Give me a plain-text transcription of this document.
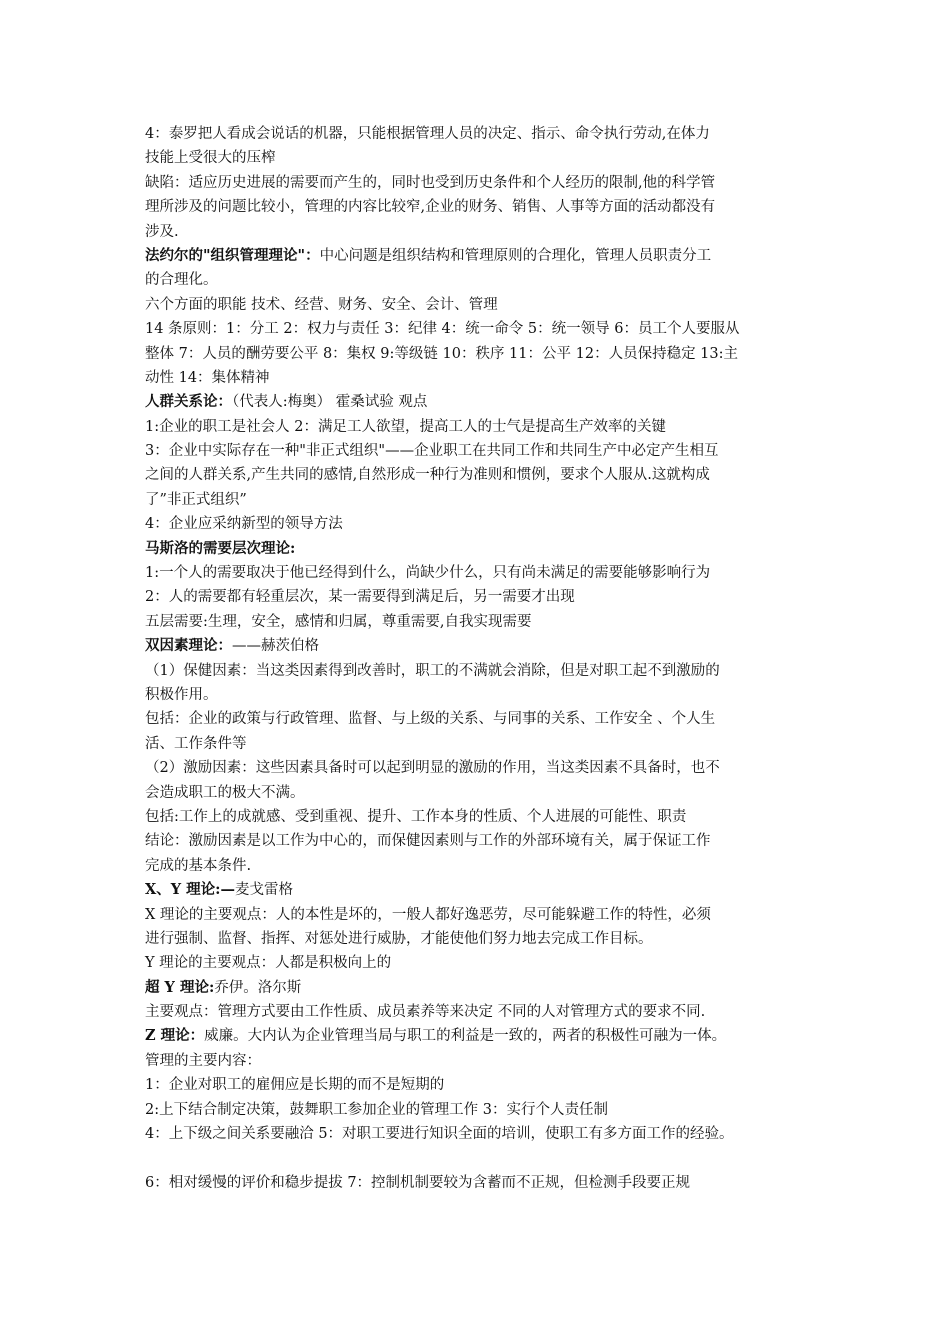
4：泰罗把人看成会说话的机器，只能根据管理人员的决定、指示、命令执行劳动,在体力
技能上受很大的压榨
缺陷：适应历史进展的需要而产生的，同时也受到历史条件和个人经历的限制,他的科学管
理所涉及的问题比较小，管理的内容比较窄,企业的财务、销售、人事等方面的活动都没有
涉及.
法约尔的"组织管理理论"：中心问题是组织结构和管理原则的合理化，管理人员职责分工
的合理化。
六个方面的职能 技术、经营、财务、安全、会计、管理
14 条原则：1：分工 2：权力与责任 3：纪律 4：统一命令 5：统一领导 6：员工个人要服从
整体 7：人员的酬劳要公平 8：集权 9:等级链 10：秩序 11：公平 12：人员保持稳定 13:主
动性 14：集体精神
人群关系论：（代表人:梅奥） 霍桑试验 观点
1:企业的职工是社会人 2：满足工人欲望，提高工人的士气是提高生产效率的关键
3：企业中实际存在一种"非正式组织"——企业职工在共同工作和共同生产中必定产生相互
之间的人群关系,产生共同的感情,自然形成一种行为准则和惯例，要求个人服从.这就构成
了”非正式组织”
4：企业应采纳新型的领导方法
马斯洛的需要层次理论:
1:一个人的需要取决于他已经得到什么，尚缺少什么，只有尚未满足的需要能够影响行为
2：人的需要都有轻重层次，某一需要得到满足后，另一需要才出现
五层需要:生理，安全，感情和归属，尊重需要,自我实现需要
双因素理论：——赫茨伯格
（1）保健因素：当这类因素得到改善时，职工的不满就会消除，但是对职工起不到激励的
积极作用。
包括：企业的政策与行政管理、监督、与上级的关系、与同事的关系、工作安全 、个人生
活、工作条件等
（2）激励因素：这些因素具备时可以起到明显的激励的作用，当这类因素不具备时，也不
会造成职工的极大不满。
包括:工作上的成就感、受到重视、提升、工作本身的性质、个人进展的可能性、职责
结论：激励因素是以工作为中心的，而保健因素则与工作的外部环境有关，属于保证工作
完成的基本条件.
X、Y 理论:—麦戈雷格
X 理论的主要观点：人的本性是坏的，一般人都好逸恶劳，尽可能躲避工作的特性，必须
进行强制、监督、指挥、对惩处进行威胁，才能使他们努力地去完成工作目标。
Y 理论的主要观点：人都是积极向上的
超 Y 理论:乔伊。洛尔斯
主要观点：管理方式要由工作性质、成员素养等来决定 不同的人对管理方式的要求不同.
Z 理论：威廉。大内认为企业管理当局与职工的利益是一致的，两者的积极性可融为一体。
管理的主要内容：
1：企业对职工的雇佣应是长期的而不是短期的
2:上下结合制定决策，鼓舞职工参加企业的管理工作 3：实行个人责任制
4：上下级之间关系要融洽 5：对职工要进行知识全面的培训，使职工有多方面工作的经验。
6：相对缓慢的评价和稳步提拔 7：控制机制要较为含蓄而不正规，但检测手段要正规
